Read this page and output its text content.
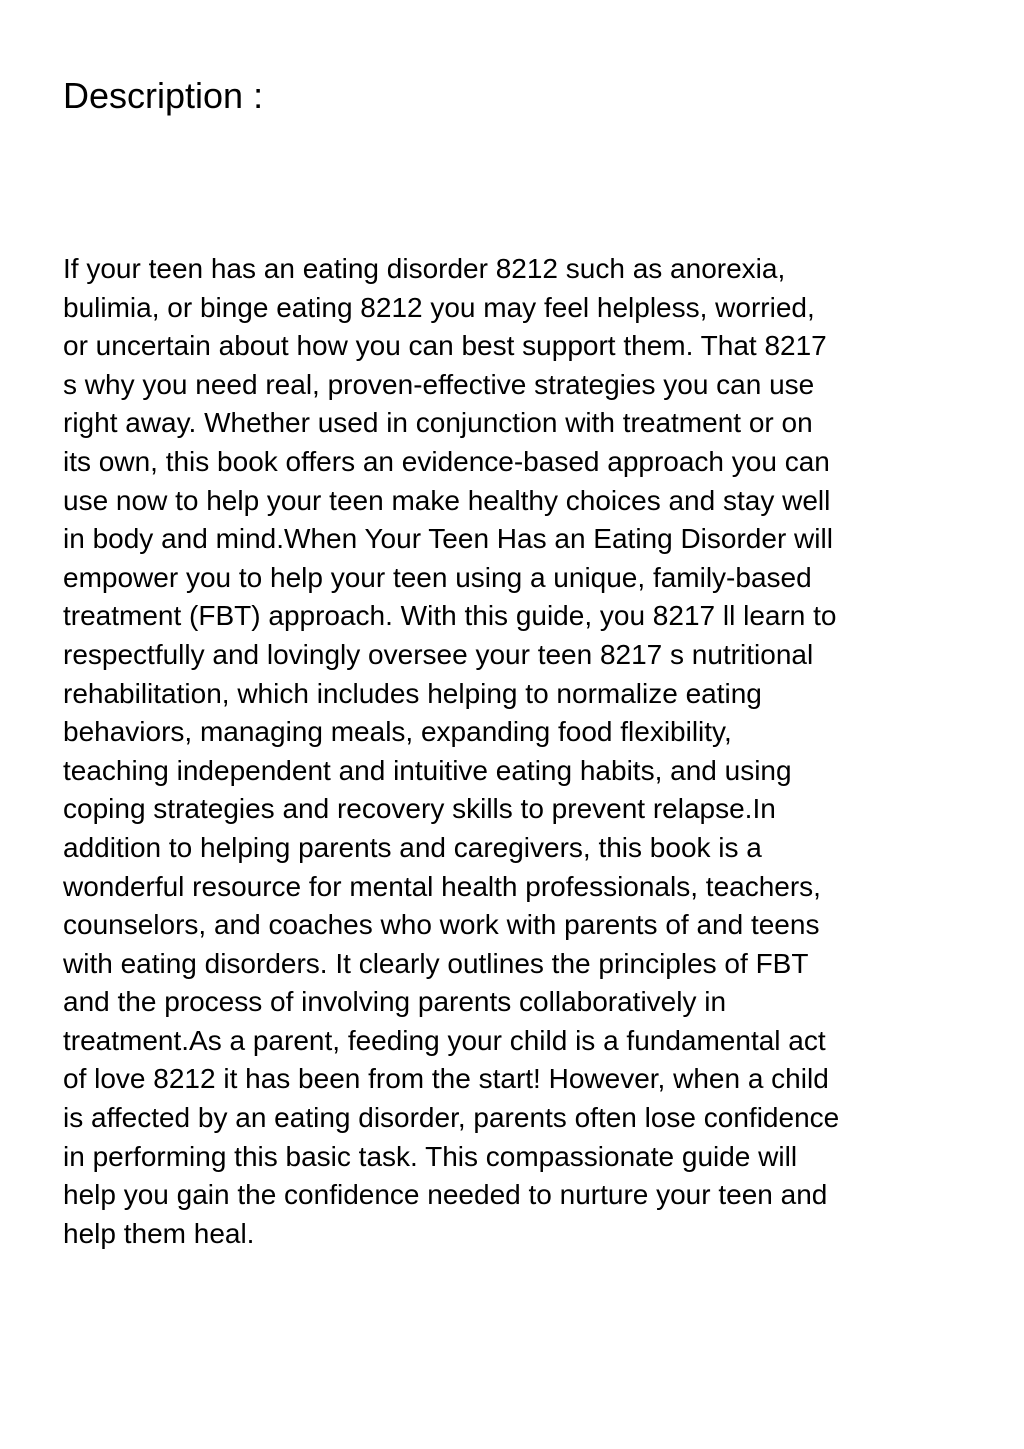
Description :
If your teen has an eating disorder 8212 such as anorexia,
bulimia, or binge eating 8212 you may feel helpless, worried,
or uncertain about how you can best support them. That 8217
s why you need real, proven-effective strategies you can use
right away. Whether used in conjunction with treatment or on
its own, this book offers an evidence-based approach you can
use now to help your teen make healthy choices and stay well
in body and mind.When Your Teen Has an Eating Disorder will
empower you to help your teen using a unique, family-based
treatment (FBT) approach. With this guide, you 8217 ll learn to
respectfully and lovingly oversee your teen 8217 s nutritional
rehabilitation, which includes helping to normalize eating
behaviors, managing meals, expanding food flexibility,
teaching independent and intuitive eating habits, and using
coping strategies and recovery skills to prevent relapse.In
addition to helping parents and caregivers, this book is a
wonderful resource for mental health professionals, teachers,
counselors, and coaches who work with parents of and teens
with eating disorders. It clearly outlines the principles of FBT
and the process of involving parents collaboratively in
treatment.As a parent, feeding your child is a fundamental act
of love 8212 it has been from the start! However, when a child
is affected by an eating disorder, parents often lose confidence
in performing this basic task. This compassionate guide will
help you gain the confidence needed to nurture your teen and
help them heal.
